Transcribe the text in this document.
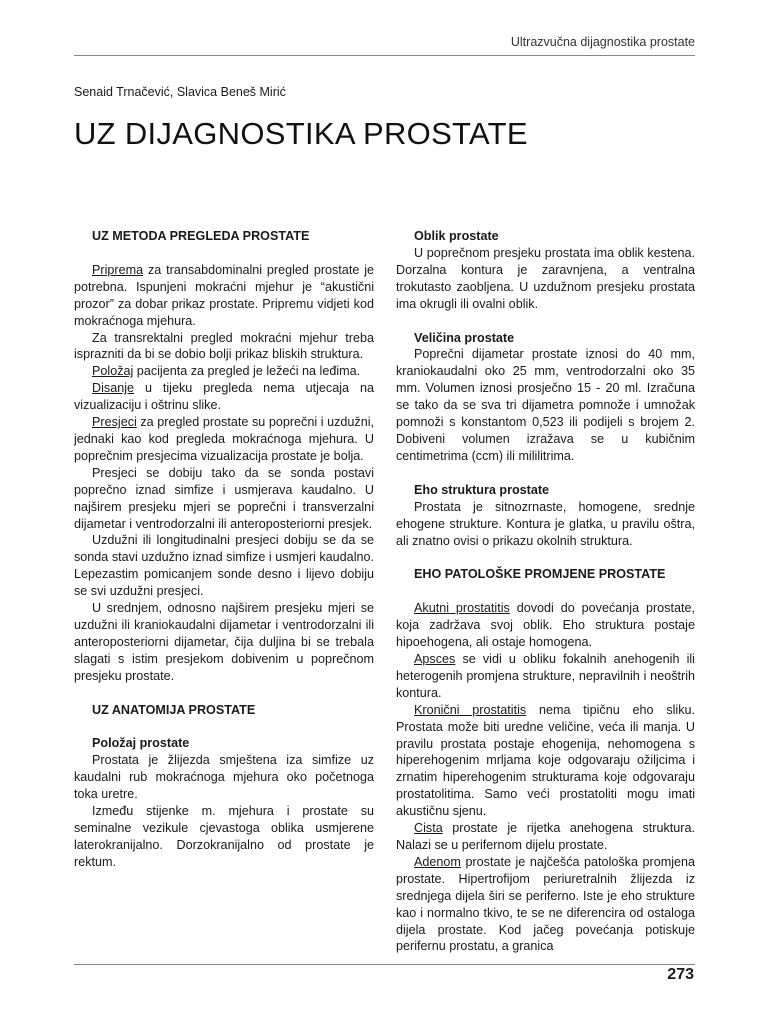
Ultrazvučna dijagnostika prostate
Senaid Trnačević, Slavica Beneš Mirić
UZ DIJAGNOSTIKA PROSTATE
UZ METODA PREGLEDA PROSTATE

Priprema za transabdominalni pregled prostate je potrebna. Ispunjeni mokraćni mjehur je “akustični prozor” za dobar prikaz prostate. Pripremu vidjeti kod mokraćnoga mjehura.

Za transrektalni pregled mokraćni mjehur treba isprazniti da bi se dobio bolji prikaz bliskih struktura.

Položaj pacijenta za pregled je ležeći na leđima.

Disanje u tijeku pregleda nema utjecaja na vizualizaciju i oštrinu slike.

Presjeci za pregled prostate su poprečni i uzdužni, jednaki kao kod pregleda mokraćnoga mjehura. U poprečnim presjecima vizualizacija prostate je bolja.

Presjeci se dobiju tako da se sonda postavi poprečno iznad simfize i usmjerava kaudalno. U najširem presjeku mjeri se poprečni i transverzalni dijametar i ventrodorzalni ili anteroposteriorni presjek.

Uzdužni ili longitudinalni presjeci dobiju se da se sonda stavi uzdužno iznad simfize i usmjeri kaudalno. Lepezastim pomicanjem sonde desno i lijevo dobiju se svi uzdužni presjeci.

U srednjem, odnosno najširem presjeku mjeri se uzdužni ili kraniokaudalni dijametar i ventrodorzalni ili anteroposteriorni dijametar, čija duljina bi se trebala slagati s istim presjekom dobivenim u poprečnom presjeku prostate.

UZ ANATOMIJA PROSTATE
Položaj prostate

Prostata je žlijezda smještena iza simfize uz kaudalni rub mokraćnoga mjehura oko početnoga toka uretre.

Između stijenke m. mjehura i prostate su seminalne vezikule cjevastoga oblika usmjerene laterokranijalno. Dorzokranijalno od prostate je rektum.

Oblik prostate

U poprečnom presjeku prostata ima oblik kestena. Dorzalna kontura je zaravnjena, a ventralna trokutasto zaobljena. U uzdužnom presjeku prostata ima okrugli ili ovalni oblik.

Veličina prostate

Poprečni dijametar prostate iznosi do 40 mm, kraniokaudalni oko 25 mm, ventrodorzalni oko 35 mm. Volumen iznosi prosječno 15 - 20 ml. Izračuna se tako da se sva tri dijametra pomnože i umnožak pomnoži s konstantom 0,523 ili podijeli s brojem 2. Dobiveni volumen izražava se u kubičnim centimetrima (ccm) ili mililitrima.

Eho struktura prostate

Prostata je sitnozrnaste, homogene, srednje ehogene strukture. Kontura je glatka, u pravilu oštra, ali znatno ovisi o prikazu okolnih struktura.

EHO PATOLOŠKE PROMJENE PROSTATE

Akutni prostatitis dovodi do povećanja prostate, koja zadržava svoj oblik. Eho struktura postaje hipoehogena, ali ostaje homogena.

Apsces se vidi u obliku fokalnih anehogenih ili heterogenih promjena strukture, nepravilnih i neoštrih kontura.

Kronični prostatitis nema tipičnu eho sliku. Prostata može biti uredne veličine, veća ili manja. U pravilu prostata postaje ehogenija, nehomogena s hiperehogenim mrljama koje odgovaraju ožiljcima i zrnatim hiperehogenim strukturama koje odgovaraju prostatolitima. Samo veći prostatoliti mogu imati akustičnu sjenu.

Cista prostate je rijetka anehogena struktura. Nalazi se u perifernom dijelu prostate.

Adenom prostate je najčešća patološka promjena prostate. Hipertrofijom periuretralnih žlijezda iz srednjega dijela širi se periferno. Iste je eho strukture kao i normalno tkivo, te se ne diferencira od ostaloga dijela prostate. Kod jačeg povećanja potiskuje perifernu prostatu, a granica

273
